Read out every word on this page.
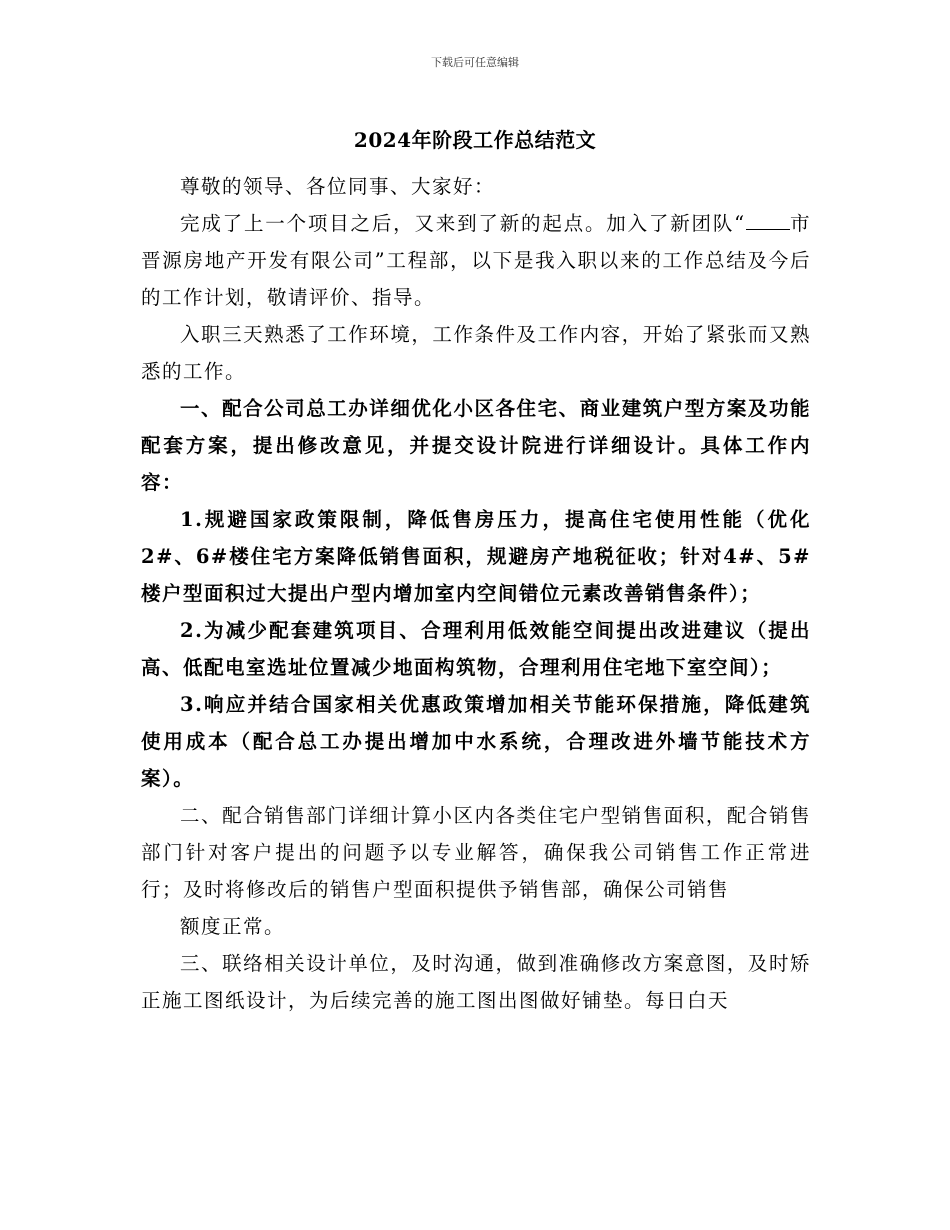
下载后可任意编辑
2024年阶段工作总结范文

尊敬的领导、各位同事、大家好：

完成了上一个项目之后，又来到了新的起点。加入了新团队“ 市晋源房地产开发有限公司”工程部，以下是我入职以来的工作总结及今后的工作计划，敬请评价、指导。

入职三天熟悉了工作环境，工作条件及工作内容，开始了紧张而又熟悉的工作。

一、配合公司总工办详细优化小区各住宅、商业建筑户型方案及功能配套方案，提出修改意见，并提交设计院进行详细设计。具体工作内容：

1.规避国家政策限制，降低售房压力，提高住宅使用性能（优化2#、6#楼住宅方案降低销售面积，规避房产地税征收；针对4#、5#楼户型面积过大提出户型内增加室内空间错位元素改善销售条件）；

2.为减少配套建筑项目、合理利用低效能空间提出改进建议（提出高、低配电室选址位置减少地面构筑物，合理利用住宅地下室空间）；

3.响应并结合国家相关优惠政策增加相关节能环保措施，降低建筑使用成本（配合总工办提出增加中水系统，合理改进外墙节能技术方案）。

二、配合销售部门详细计算小区内各类住宅户型销售面积，配合销售部门针对客户提出的问题予以专业解答，确保我公司销售工作正常进行；及时将修改后的销售户型面积提供予销售部，确保公司销售

额度正常。

三、联络相关设计单位，及时沟通，做到准确修改方案意图，及时矫正施工图纸设计，为后续完善的施工图出图做好铺垫。每日白天
